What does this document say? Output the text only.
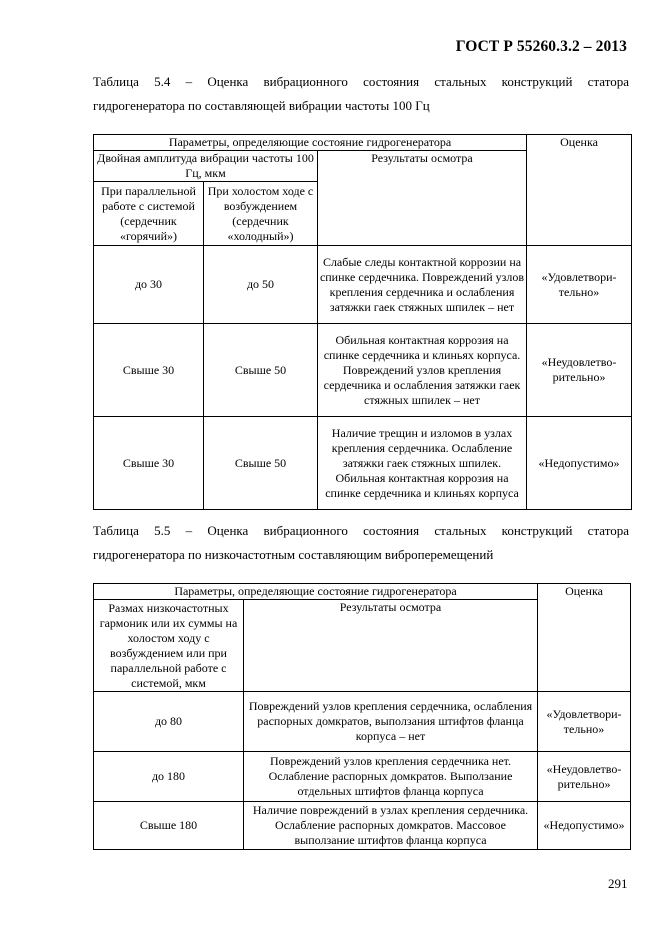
ГОСТ Р 55260.3.2 – 2013
Таблица 5.4 – Оценка вибрационного состояния стальных конструкций статора
гидрогенератора по составляющей вибрации частоты 100 Гц
Параметры, определяющие состояние гидрогенератора			Оценка
Двойная амплитуда вибрации частоты 100 Гц, мкм		Результаты осмотра	
При параллельной работе с системой (сердечник «горячий»)	При холостом ходе с возбуждением (сердечник «холодный»)		
до 30	до 50	Слабые следы контактной коррозии на спинке сердечника. Повреждений узлов крепления сердечника и ослабления затяжки гаек стяжных шпилек – нет	«Удовлетвори-тельно»
Свыше 30	Свыше 50	Обильная контактная коррозия на спинке сердечника и клиньях корпуса. Повреждений узлов крепления сердечника и ослабления затяжки гаек стяжных шпилек – нет	«Неудовлетво-рительно»
Свыше 30	Свыше 50	Наличие трещин и изломов в узлах крепления сердечника. Ослабление затяжки гаек стяжных шпилек. Обильная контактная коррозия на спинке сердечника и клиньях корпуса	«Недопустимо»
Таблица 5.5 – Оценка вибрационного состояния стальных конструкций статора
гидрогенератора по низкочастотным составляющим виброперемещений
Параметры, определяющие состояние гидрогенератора		Оценка
Размах низкочастотных гармоник или их суммы на холостом ходу с возбуждением или при параллельной работе с системой, мкм	Результаты осмотра	
до 80	Повреждений узлов крепления сердечника, ослабления распорных домкратов, выползания штифтов фланца корпуса – нет	«Удовлетвори-тельно»
до 180	Повреждений узлов крепления сердечника нет. Ослабление распорных домкратов. Выползание отдельных штифтов фланца корпуса	«Неудовлетво-рительно»
Свыше 180	Наличие повреждений в узлах крепления сердечника. Ослабление распорных домкратов. Массовое выползание штифтов фланца корпуса	«Недопустимо»
291
